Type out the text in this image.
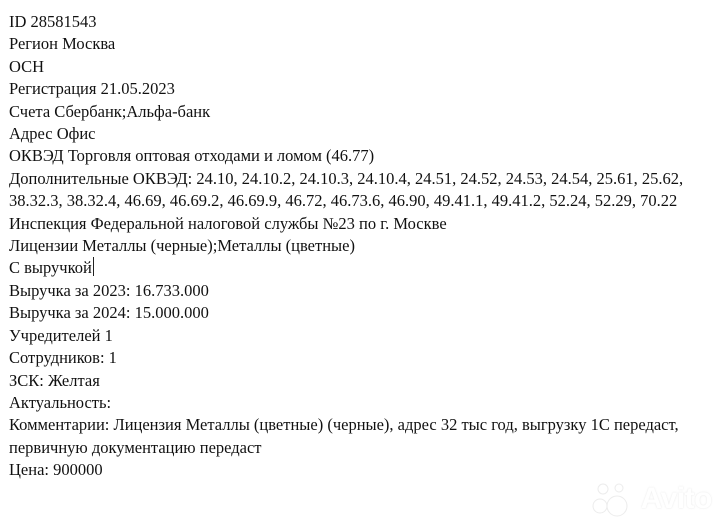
ID 28581543
Регион Москва
ОСН
Регистрация 21.05.2023
Счета Сбербанк;Альфа-банк
Адрес Офис
ОКВЭД Торговля оптовая отходами и ломом (46.77)
Дополнительные ОКВЭД: 24.10, 24.10.2, 24.10.3, 24.10.4, 24.51, 24.52, 24.53, 24.54, 25.61, 25.62, 38.32.3, 38.32.4, 46.69, 46.69.2, 46.69.9, 46.72, 46.73.6, 46.90, 49.41.1, 49.41.2, 52.24, 52.29, 70.22
Инспекция Федеральной налоговой службы №23 по г. Москве
Лицензии Металлы (черные);Металлы (цветные)
С выручкой
Выручка за 2023: 16.733.000
Выручка за 2024: 15.000.000
Учредителей 1
Сотрудников: 1
ЗСК: Желтая
Актуальность:
Комментарии: Лицензия Металлы (цветные) (черные), адрес 32 тыс год, выгрузку 1С передаст, первичную документацию передаст
Цена: 900000
Avito
